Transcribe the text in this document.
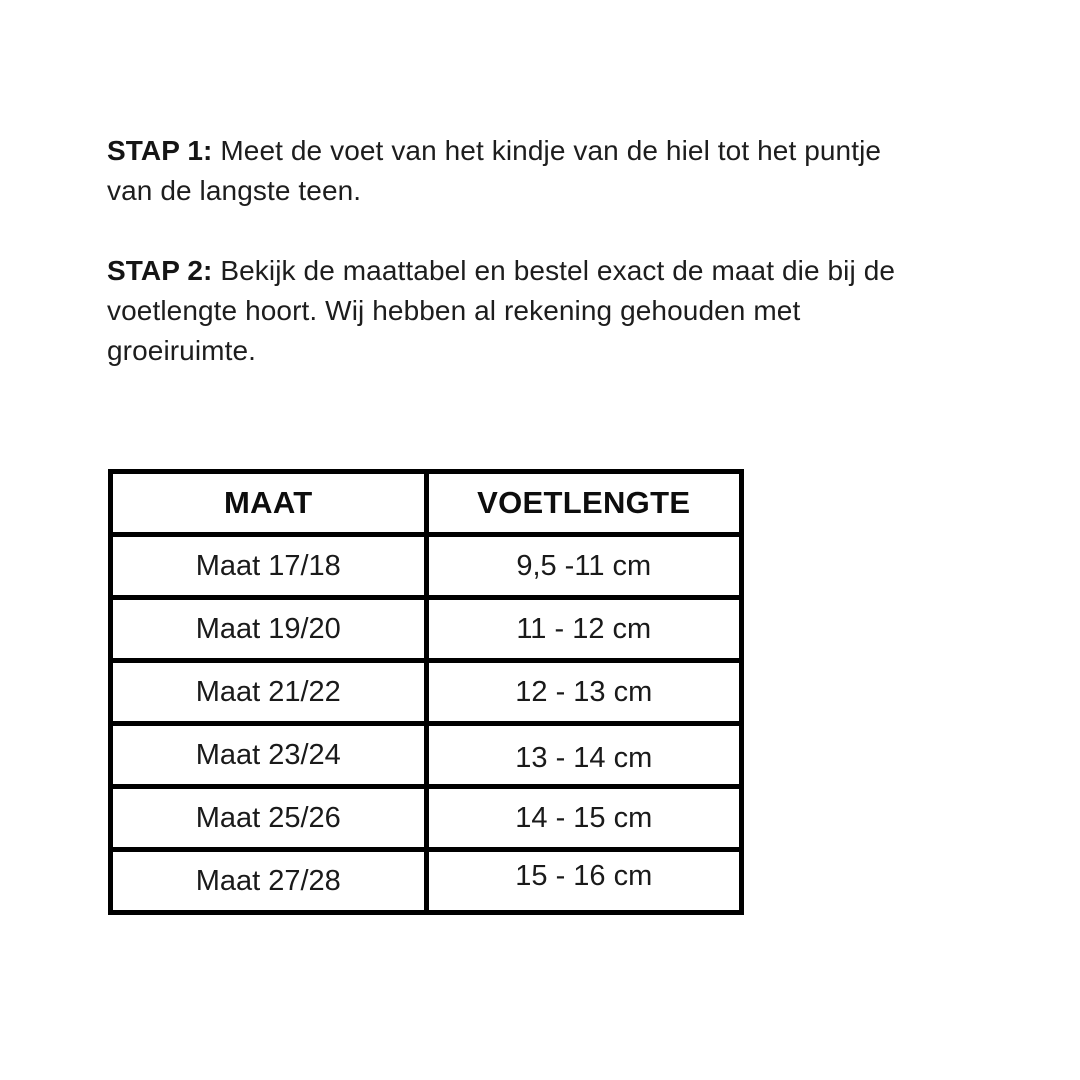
STAP 1: Meet de voet van het kindje van de hiel tot het puntje
van de langste teen.

STAP 2: Bekijk de maattabel en bestel exact de maat die bij de
voetlengte hoort. Wij hebben al rekening gehouden met
groeiruimte.

MAAT	VOETLENGTE
Maat 17/18	9,5 -11 cm
Maat 19/20	11 - 12 cm
Maat 21/22	12 - 13 cm
Maat 23/24	13 - 14 cm
Maat 25/26	14 - 15 cm
Maat 27/28	15 - 16 cm
